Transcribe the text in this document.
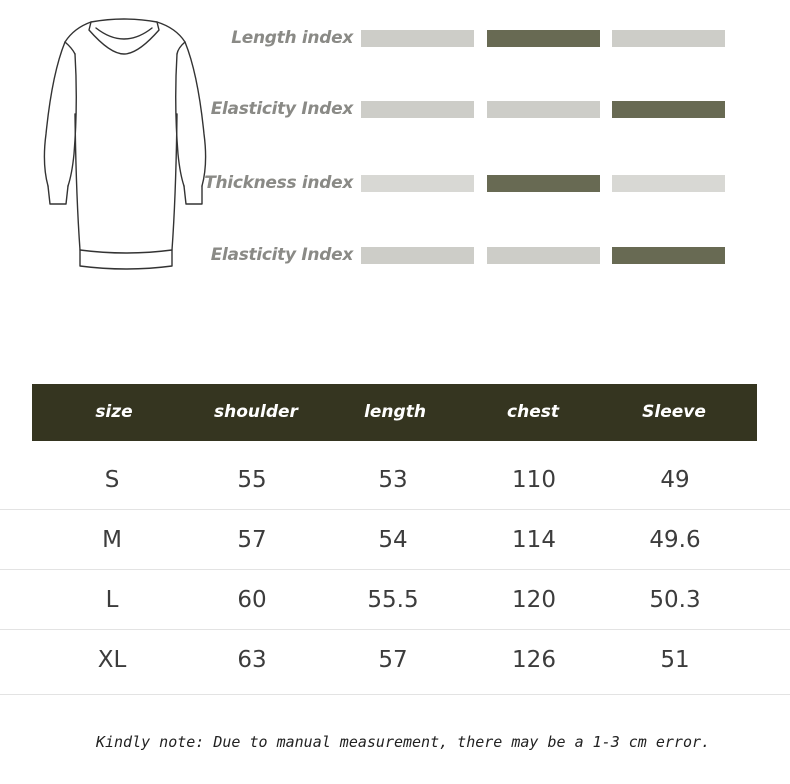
Length index
Elasticity Index
Thickness index
Elasticity Index
size	shoulder	length	chest	Sleeve
S	55	53	110	49
M	57	54	114	49.6
L	60	55.5	120	50.3
XL	63	57	126	51
Kindly note: Due to manual measurement, there may be a 1-3 cm error.
